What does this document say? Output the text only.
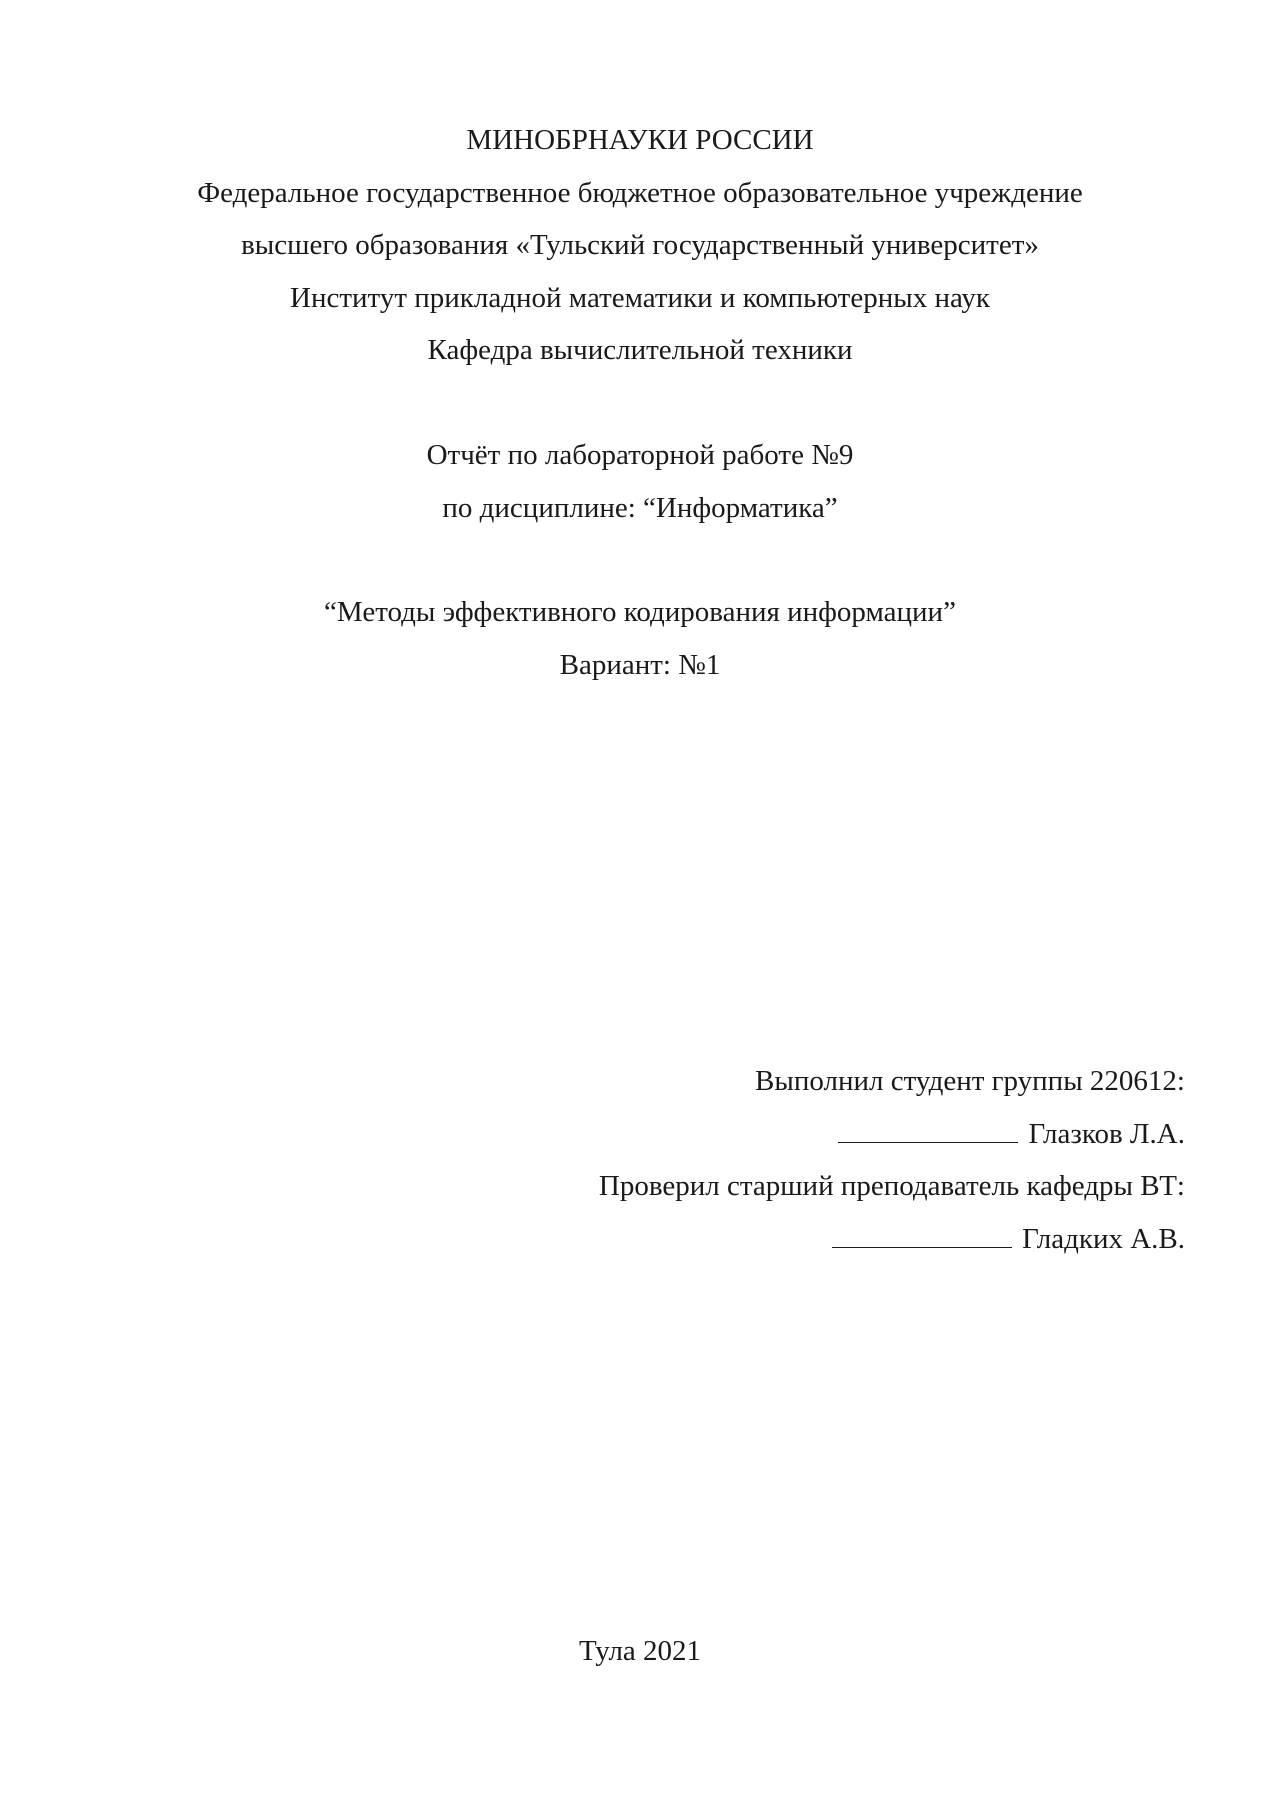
МИНОБРНАУКИ РОССИИ
Федеральное государственное бюджетное образовательное учреждение
высшего образования «Тульский государственный университет»
Институт прикладной математики и компьютерных наук
Кафедра вычислительной техники
Отчёт по лабораторной работе №9
по дисциплине: “Информатика”
“Методы эффективного кодирования информации”
Вариант: №1
Выполнил студент группы 220612:
Глазков Л.А.
Проверил старший преподаватель кафедры ВТ:
Гладких А.В.
Тула 2021
